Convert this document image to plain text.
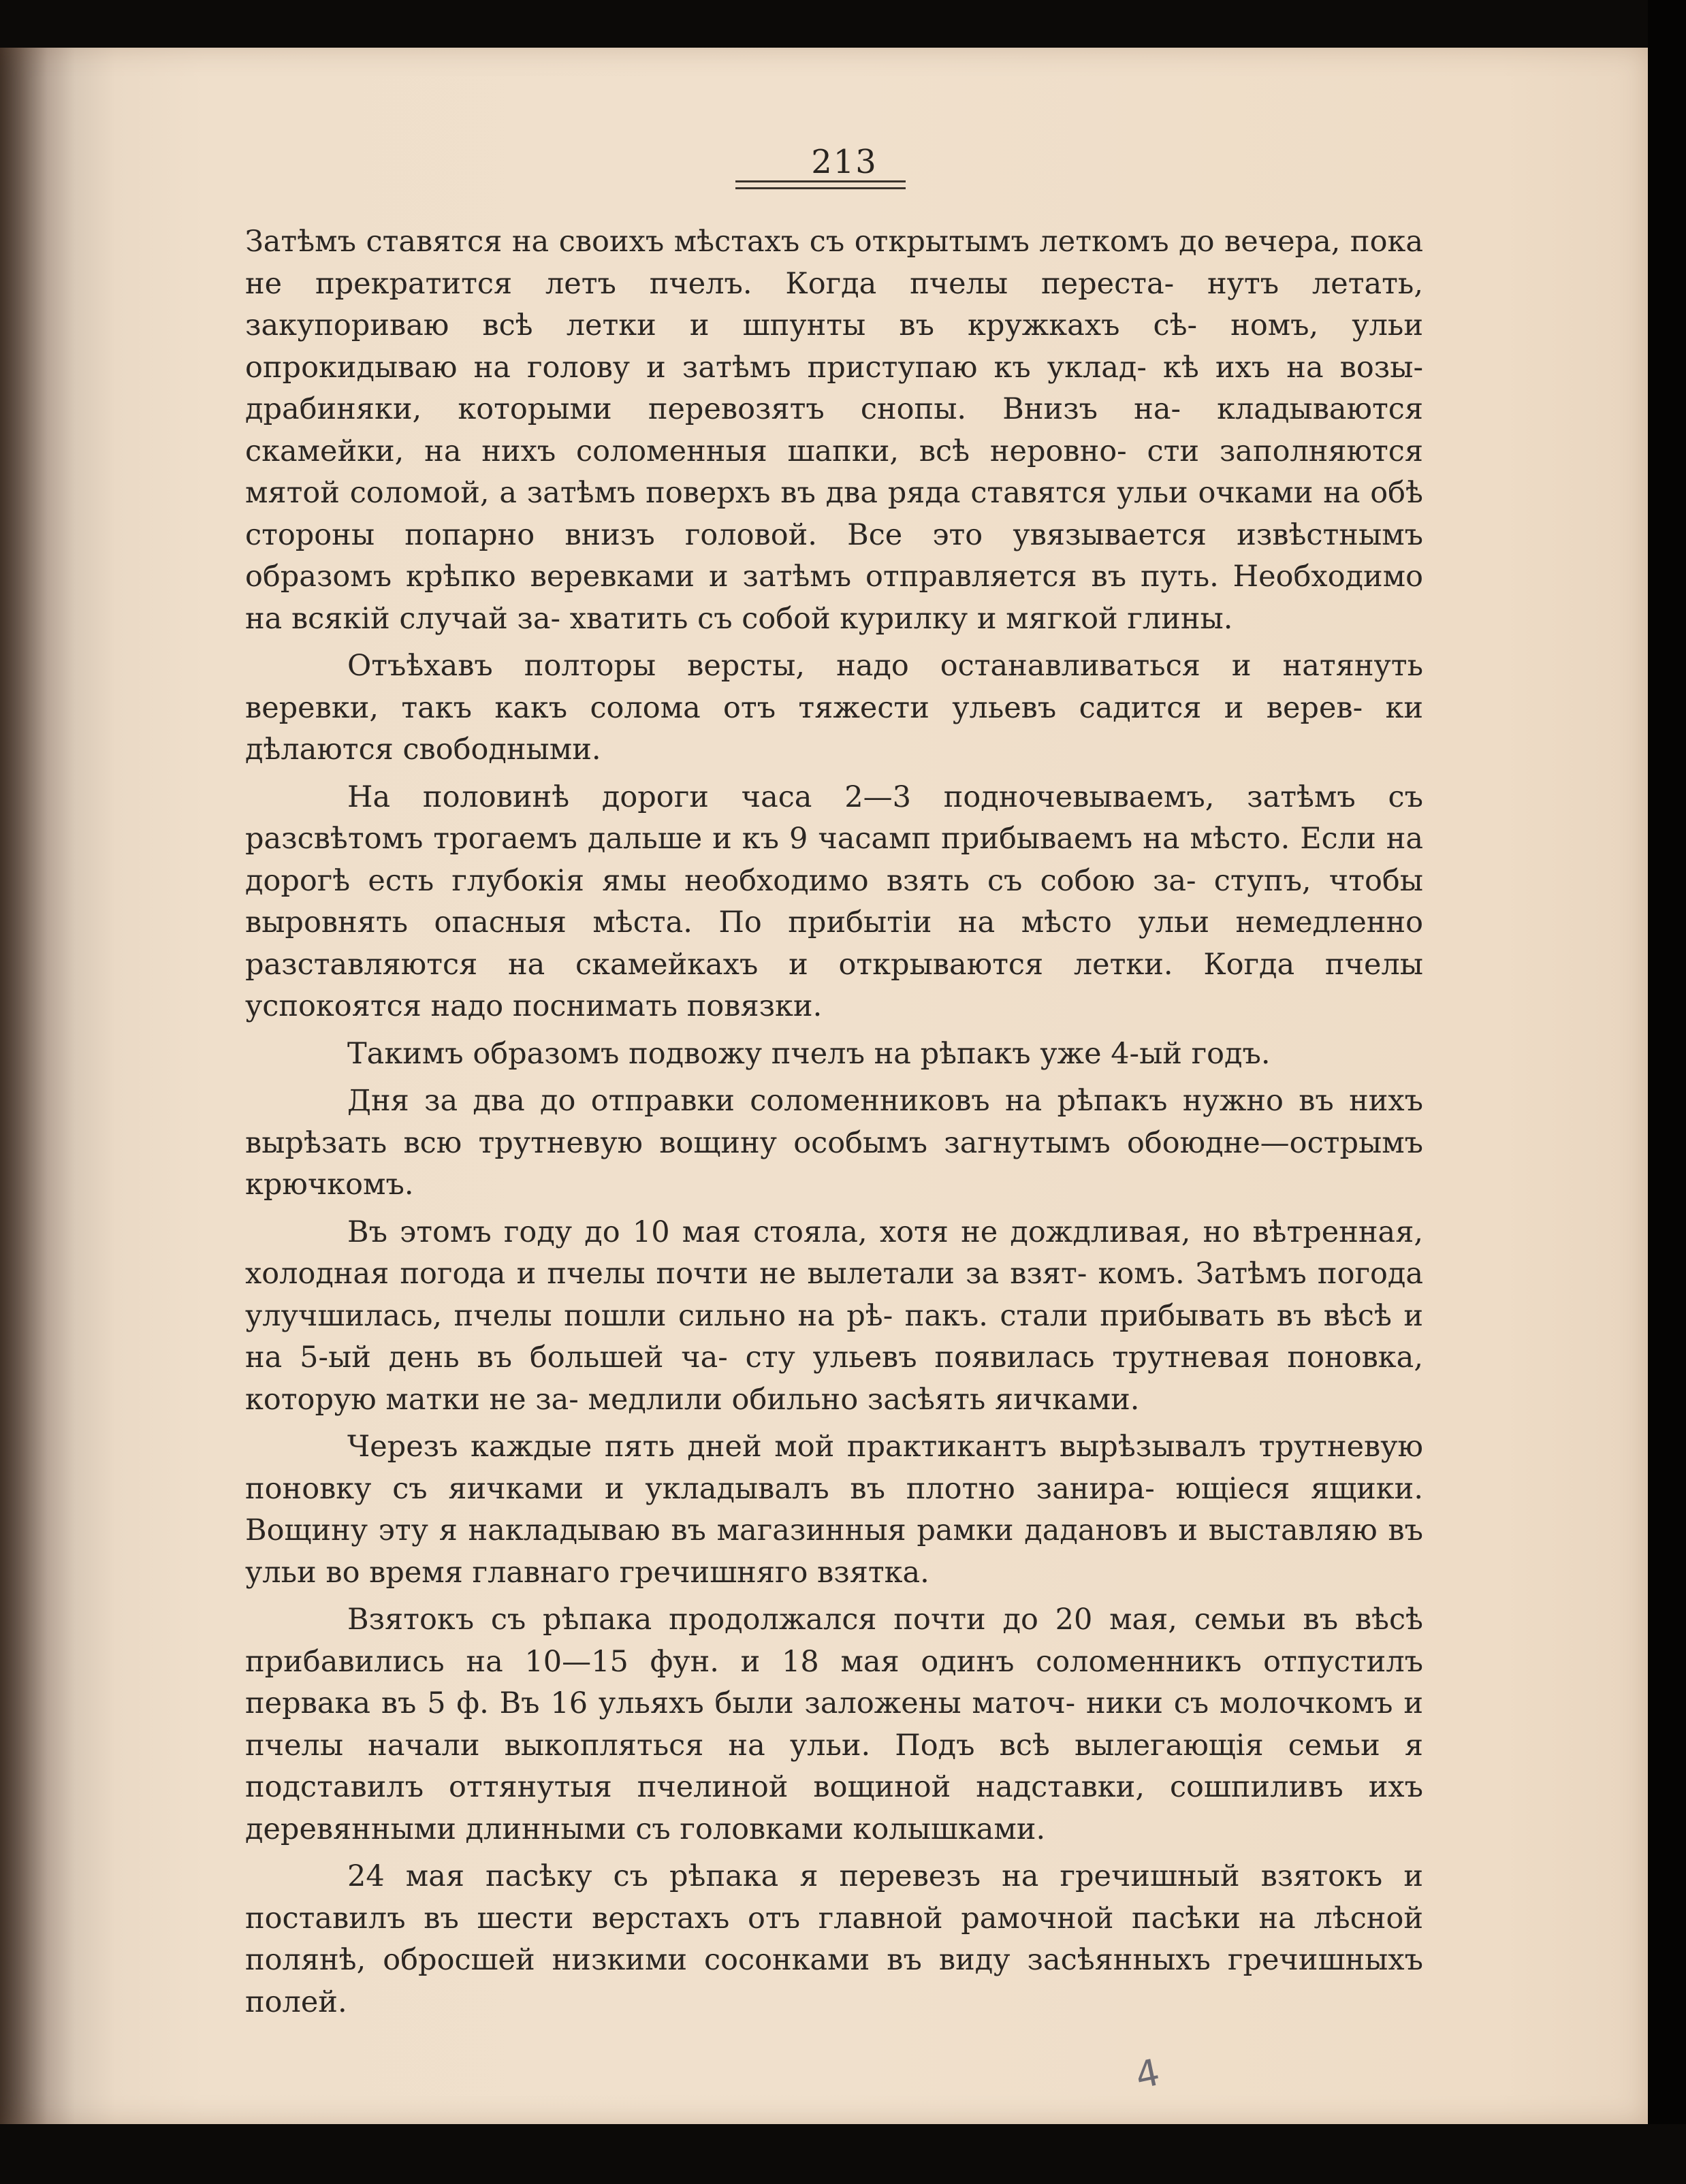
213

Затѣмъ ставятся на своихъ мѣстахъ съ открытымъ леткомъ до вечера, пока не прекратится летъ пчелъ. Когда пчелы переста- нутъ летать, закупориваю всѣ летки и шпунты въ кружкахъ сѣ- номъ, ульи опрокидываю на голову и затѣмъ приступаю къ уклад- кѣ ихъ на возы-драбиняки, которыми перевозятъ снопы. Внизъ на- кладываются скамейки, на нихъ соломенныя шапки, всѣ неровно- сти заполняются мятой соломой, а затѣмъ поверхъ въ два ряда ставятся ульи очками на обѣ стороны попарно внизъ головой. Все это увязывается извѣстнымъ образомъ крѣпко веревками и затѣмъ отправляется въ путь. Необходимо на всякій случай за- хватить съ собой курилку и мягкой глины.

Отъѣхавъ полторы версты, надо останавливаться и натянуть веревки, такъ какъ солома отъ тяжести ульевъ садится и верев- ки дѣлаются свободными.

На половинѣ дороги часа 2—3 подночевываемъ, затѣмъ съ разсвѣтомъ трогаемъ дальше и къ 9 часамп прибываемъ на мѣсто. Если на дорогѣ есть глубокія ямы необходимо взять съ собою за- ступъ, чтобы выровнять опасныя мѣста. По прибытіи на мѣсто ульи немедленно разставляются на скамейкахъ и открываются летки. Когда пчелы успокоятся надо поснимать повязки.

Такимъ образомъ подвожу пчелъ на рѣпакъ уже 4-ый годъ.

Дня за два до отправки соломенниковъ на рѣпакъ нужно въ нихъ вырѣзать всю трутневую вощину особымъ загнутымъ обоюдне—острымъ крючкомъ.

Въ этомъ году до 10 мая стояла, хотя не дождливая, но вѣтренная, холодная погода и пчелы почти не вылетали за взят- комъ. Затѣмъ погода улучшилась, пчелы пошли сильно на рѣ- пакъ. стали прибывать въ вѣсѣ и на 5-ый день въ большей ча- сту ульевъ появилась трутневая поновка, которую матки не за- медлили обильно засѣять яичками.

Черезъ каждые пять дней мой практикантъ вырѣзывалъ трутневую поновку съ яичками и укладывалъ въ плотно занира- ющіеся ящики. Вощину эту я накладываю въ магазинныя рамки дадановъ и выставляю въ ульи во время главнаго гречишняго взятка.

Взятокъ съ рѣпака продолжался почти до 20 мая, семьи въ вѣсѣ прибавились на 10—15 фун. и 18 мая одинъ соломенникъ отпустилъ первака въ 5 ф. Въ 16 ульяхъ были заложены маточ- ники съ молочкомъ и пчелы начали выкопляться на ульи. Подъ всѣ вылегающія семьи я подставилъ оттянутыя пчелиной вощиной надставки, сошпиливъ ихъ деревянными длинными съ головками колышками.

24 мая пасѣку съ рѣпака я перевезъ на гречишный взятокъ и поставилъ въ шести верстахъ отъ главной рамочной пасѣки на лѣсной полянѣ, обросшей низкими сосонками въ виду засѣянныхъ гречишныхъ полей.

4
